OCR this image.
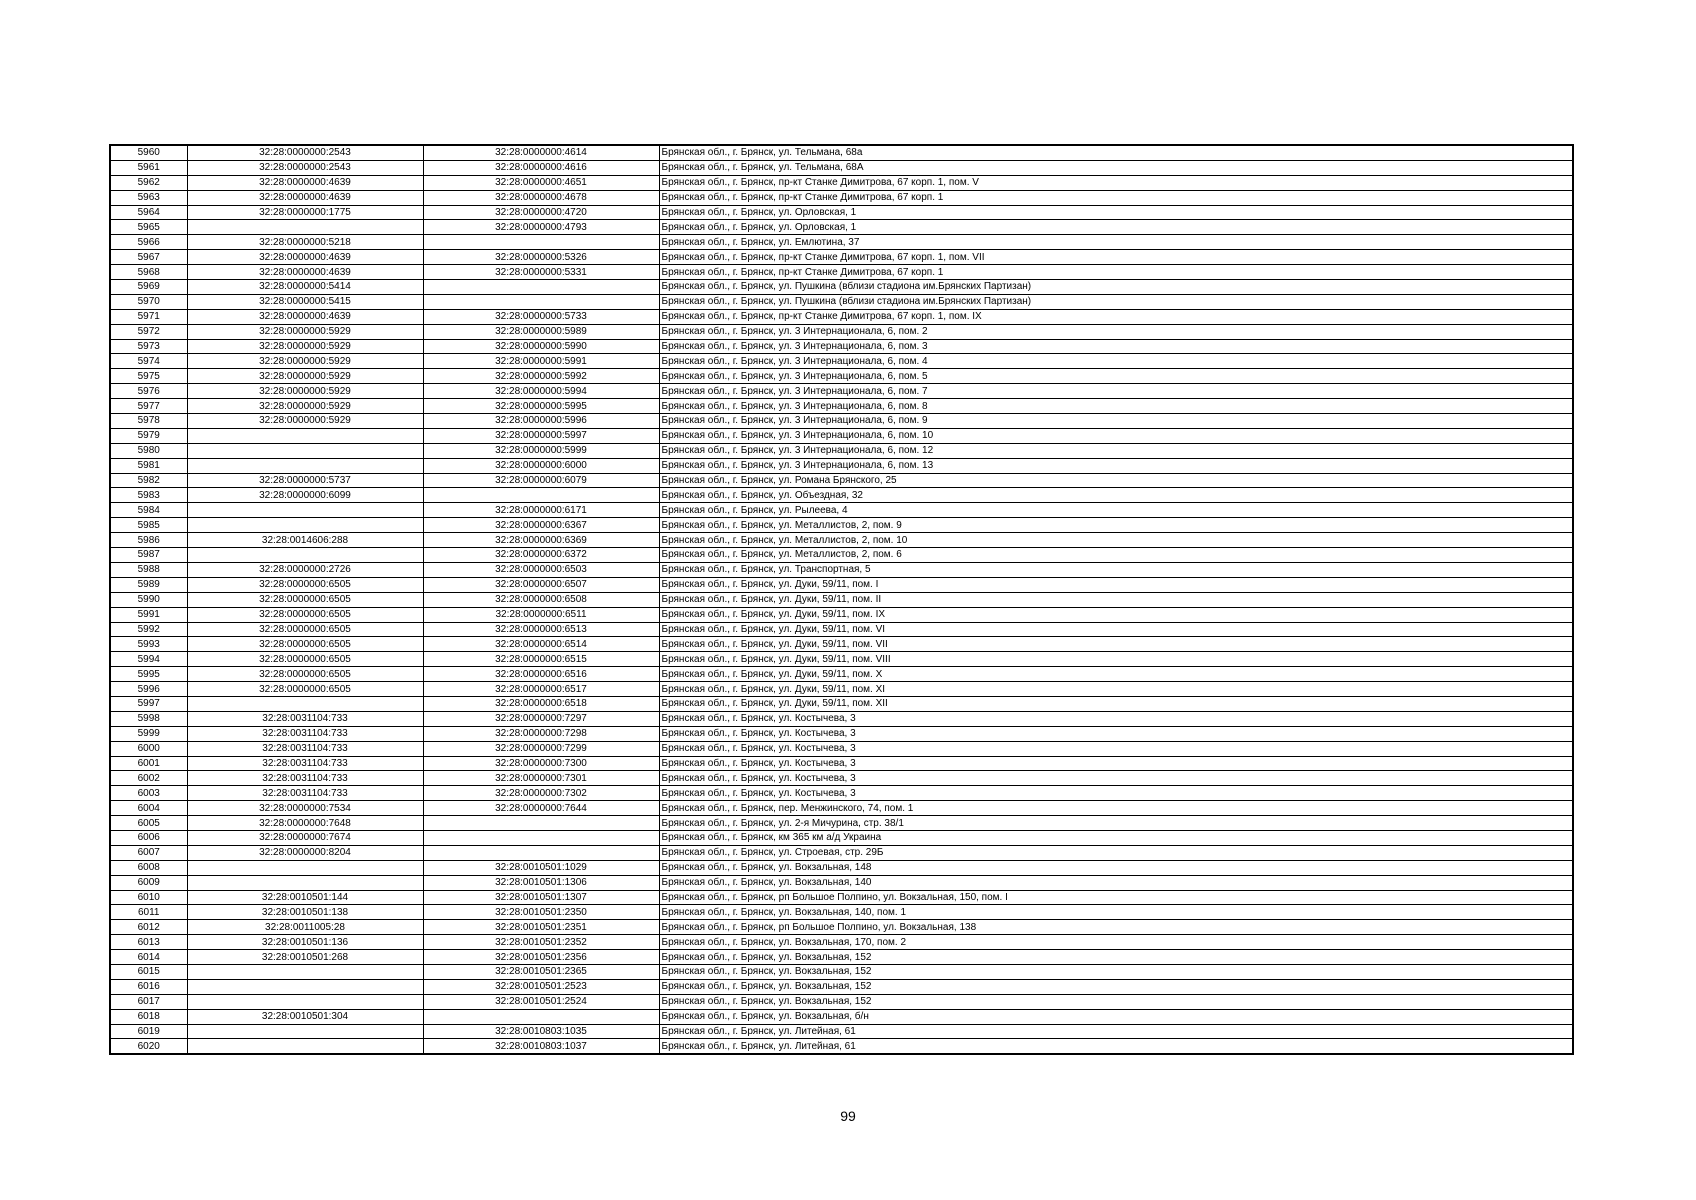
5960	32:28:0000000:2543	32:28:0000000:4614	Брянская обл., г. Брянск, ул. Тельмана, 68а
5961	32:28:0000000:2543	32:28:0000000:4616	Брянская обл., г. Брянск, ул. Тельмана, 68А
5962	32:28:0000000:4639	32:28:0000000:4651	Брянская обл., г. Брянск, пр-кт Станке Димитрова, 67 корп. 1, пом. V
5963	32:28:0000000:4639	32:28:0000000:4678	Брянская обл., г. Брянск, пр-кт Станке Димитрова, 67 корп. 1
5964	32:28:0000000:1775	32:28:0000000:4720	Брянская обл., г. Брянск, ул. Орловская, 1
5965		32:28:0000000:4793	Брянская обл., г. Брянск, ул. Орловская, 1
5966	32:28:0000000:5218		Брянская обл., г. Брянск, ул. Емлютина, 37
5967	32:28:0000000:4639	32:28:0000000:5326	Брянская обл., г. Брянск, пр-кт Станке Димитрова, 67 корп. 1, пом. VII
5968	32:28:0000000:4639	32:28:0000000:5331	Брянская обл., г. Брянск, пр-кт Станке Димитрова, 67 корп. 1
5969	32:28:0000000:5414		Брянская обл., г. Брянск, ул. Пушкина (вблизи стадиона им.Брянских Партизан)
5970	32:28:0000000:5415		Брянская обл., г. Брянск, ул. Пушкина (вблизи стадиона им.Брянских Партизан)
5971	32:28:0000000:4639	32:28:0000000:5733	Брянская обл., г. Брянск, пр-кт Станке Димитрова, 67 корп. 1, пом. IX
5972	32:28:0000000:5929	32:28:0000000:5989	Брянская обл., г. Брянск, ул. 3 Интернационала, 6, пом. 2
5973	32:28:0000000:5929	32:28:0000000:5990	Брянская обл., г. Брянск, ул. 3 Интернационала, 6, пом. 3
5974	32:28:0000000:5929	32:28:0000000:5991	Брянская обл., г. Брянск, ул. 3 Интернационала, 6, пом. 4
5975	32:28:0000000:5929	32:28:0000000:5992	Брянская обл., г. Брянск, ул. 3 Интернационала, 6, пом. 5
5976	32:28:0000000:5929	32:28:0000000:5994	Брянская обл., г. Брянск, ул. 3 Интернационала, 6, пом. 7
5977	32:28:0000000:5929	32:28:0000000:5995	Брянская обл., г. Брянск, ул. 3 Интернационала, 6, пом. 8
5978	32:28:0000000:5929	32:28:0000000:5996	Брянская обл., г. Брянск, ул. 3 Интернационала, 6, пом. 9
5979		32:28:0000000:5997	Брянская обл., г. Брянск, ул. 3 Интернационала, 6, пом. 10
5980		32:28:0000000:5999	Брянская обл., г. Брянск, ул. 3 Интернационала, 6, пом. 12
5981		32:28:0000000:6000	Брянская обл., г. Брянск, ул. 3 Интернационала, 6, пом. 13
5982	32:28:0000000:5737	32:28:0000000:6079	Брянская обл., г. Брянск, ул. Романа Брянского, 25
5983	32:28:0000000:6099		Брянская обл., г. Брянск, ул. Объездная, 32
5984		32:28:0000000:6171	Брянская обл., г. Брянск, ул. Рылеева, 4
5985		32:28:0000000:6367	Брянская обл., г. Брянск, ул. Металлистов, 2, пом. 9
5986	32:28:0014606:288	32:28:0000000:6369	Брянская обл., г. Брянск, ул. Металлистов, 2, пом. 10
5987		32:28:0000000:6372	Брянская обл., г. Брянск, ул. Металлистов, 2, пом. 6
5988	32:28:0000000:2726	32:28:0000000:6503	Брянская обл., г. Брянск, ул. Транспортная, 5
5989	32:28:0000000:6505	32:28:0000000:6507	Брянская обл., г. Брянск, ул. Дуки, 59/11, пом. I
5990	32:28:0000000:6505	32:28:0000000:6508	Брянская обл., г. Брянск, ул. Дуки, 59/11, пом. II
5991	32:28:0000000:6505	32:28:0000000:6511	Брянская обл., г. Брянск, ул. Дуки, 59/11, пом. IX
5992	32:28:0000000:6505	32:28:0000000:6513	Брянская обл., г. Брянск, ул. Дуки, 59/11, пом. VI
5993	32:28:0000000:6505	32:28:0000000:6514	Брянская обл., г. Брянск, ул. Дуки, 59/11, пом. VII
5994	32:28:0000000:6505	32:28:0000000:6515	Брянская обл., г. Брянск, ул. Дуки, 59/11, пом. VIII
5995	32:28:0000000:6505	32:28:0000000:6516	Брянская обл., г. Брянск, ул. Дуки, 59/11, пом. X
5996	32:28:0000000:6505	32:28:0000000:6517	Брянская обл., г. Брянск, ул. Дуки, 59/11, пом. XI
5997		32:28:0000000:6518	Брянская обл., г. Брянск, ул. Дуки, 59/11, пом. XII
5998	32:28:0031104:733	32:28:0000000:7297	Брянская обл., г. Брянск, ул. Костычева, 3
5999	32:28:0031104:733	32:28:0000000:7298	Брянская обл., г. Брянск, ул. Костычева, 3
6000	32:28:0031104:733	32:28:0000000:7299	Брянская обл., г. Брянск, ул. Костычева, 3
6001	32:28:0031104:733	32:28:0000000:7300	Брянская обл., г. Брянск, ул. Костычева, 3
6002	32:28:0031104:733	32:28:0000000:7301	Брянская обл., г. Брянск, ул. Костычева, 3
6003	32:28:0031104:733	32:28:0000000:7302	Брянская обл., г. Брянск, ул. Костычева, 3
6004	32:28:0000000:7534	32:28:0000000:7644	Брянская обл., г. Брянск, пер. Менжинского, 74, пом. 1
6005	32:28:0000000:7648		Брянская обл., г. Брянск, ул. 2-я Мичурина, стр. 38/1
6006	32:28:0000000:7674		Брянская обл., г. Брянск, км 365 км а/д Украина
6007	32:28:0000000:8204		Брянская обл., г. Брянск, ул. Строевая, стр. 29Б
6008		32:28:0010501:1029	Брянская обл., г. Брянск, ул. Вокзальная, 148
6009		32:28:0010501:1306	Брянская обл., г. Брянск, ул. Вокзальная, 140
6010	32:28:0010501:144	32:28:0010501:1307	Брянская обл., г. Брянск, рп Большое Полпино, ул. Вокзальная, 150, пом. I
6011	32:28:0010501:138	32:28:0010501:2350	Брянская обл., г. Брянск, ул. Вокзальная, 140, пом. 1
6012	32:28:0011005:28	32:28:0010501:2351	Брянская обл., г. Брянск, рп Большое Полпино, ул. Вокзальная, 138
6013	32:28:0010501:136	32:28:0010501:2352	Брянская обл., г. Брянск, ул. Вокзальная, 170, пом. 2
6014	32:28:0010501:268	32:28:0010501:2356	Брянская обл., г. Брянск, ул. Вокзальная, 152
6015		32:28:0010501:2365	Брянская обл., г. Брянск, ул. Вокзальная, 152
6016		32:28:0010501:2523	Брянская обл., г. Брянск, ул. Вокзальная, 152
6017		32:28:0010501:2524	Брянская обл., г. Брянск, ул. Вокзальная, 152
6018	32:28:0010501:304		Брянская обл., г. Брянск, ул. Вокзальная, б/н
6019		32:28:0010803:1035	Брянская обл., г. Брянск, ул. Литейная, 61
6020		32:28:0010803:1037	Брянская обл., г. Брянск, ул. Литейная, 61
99
